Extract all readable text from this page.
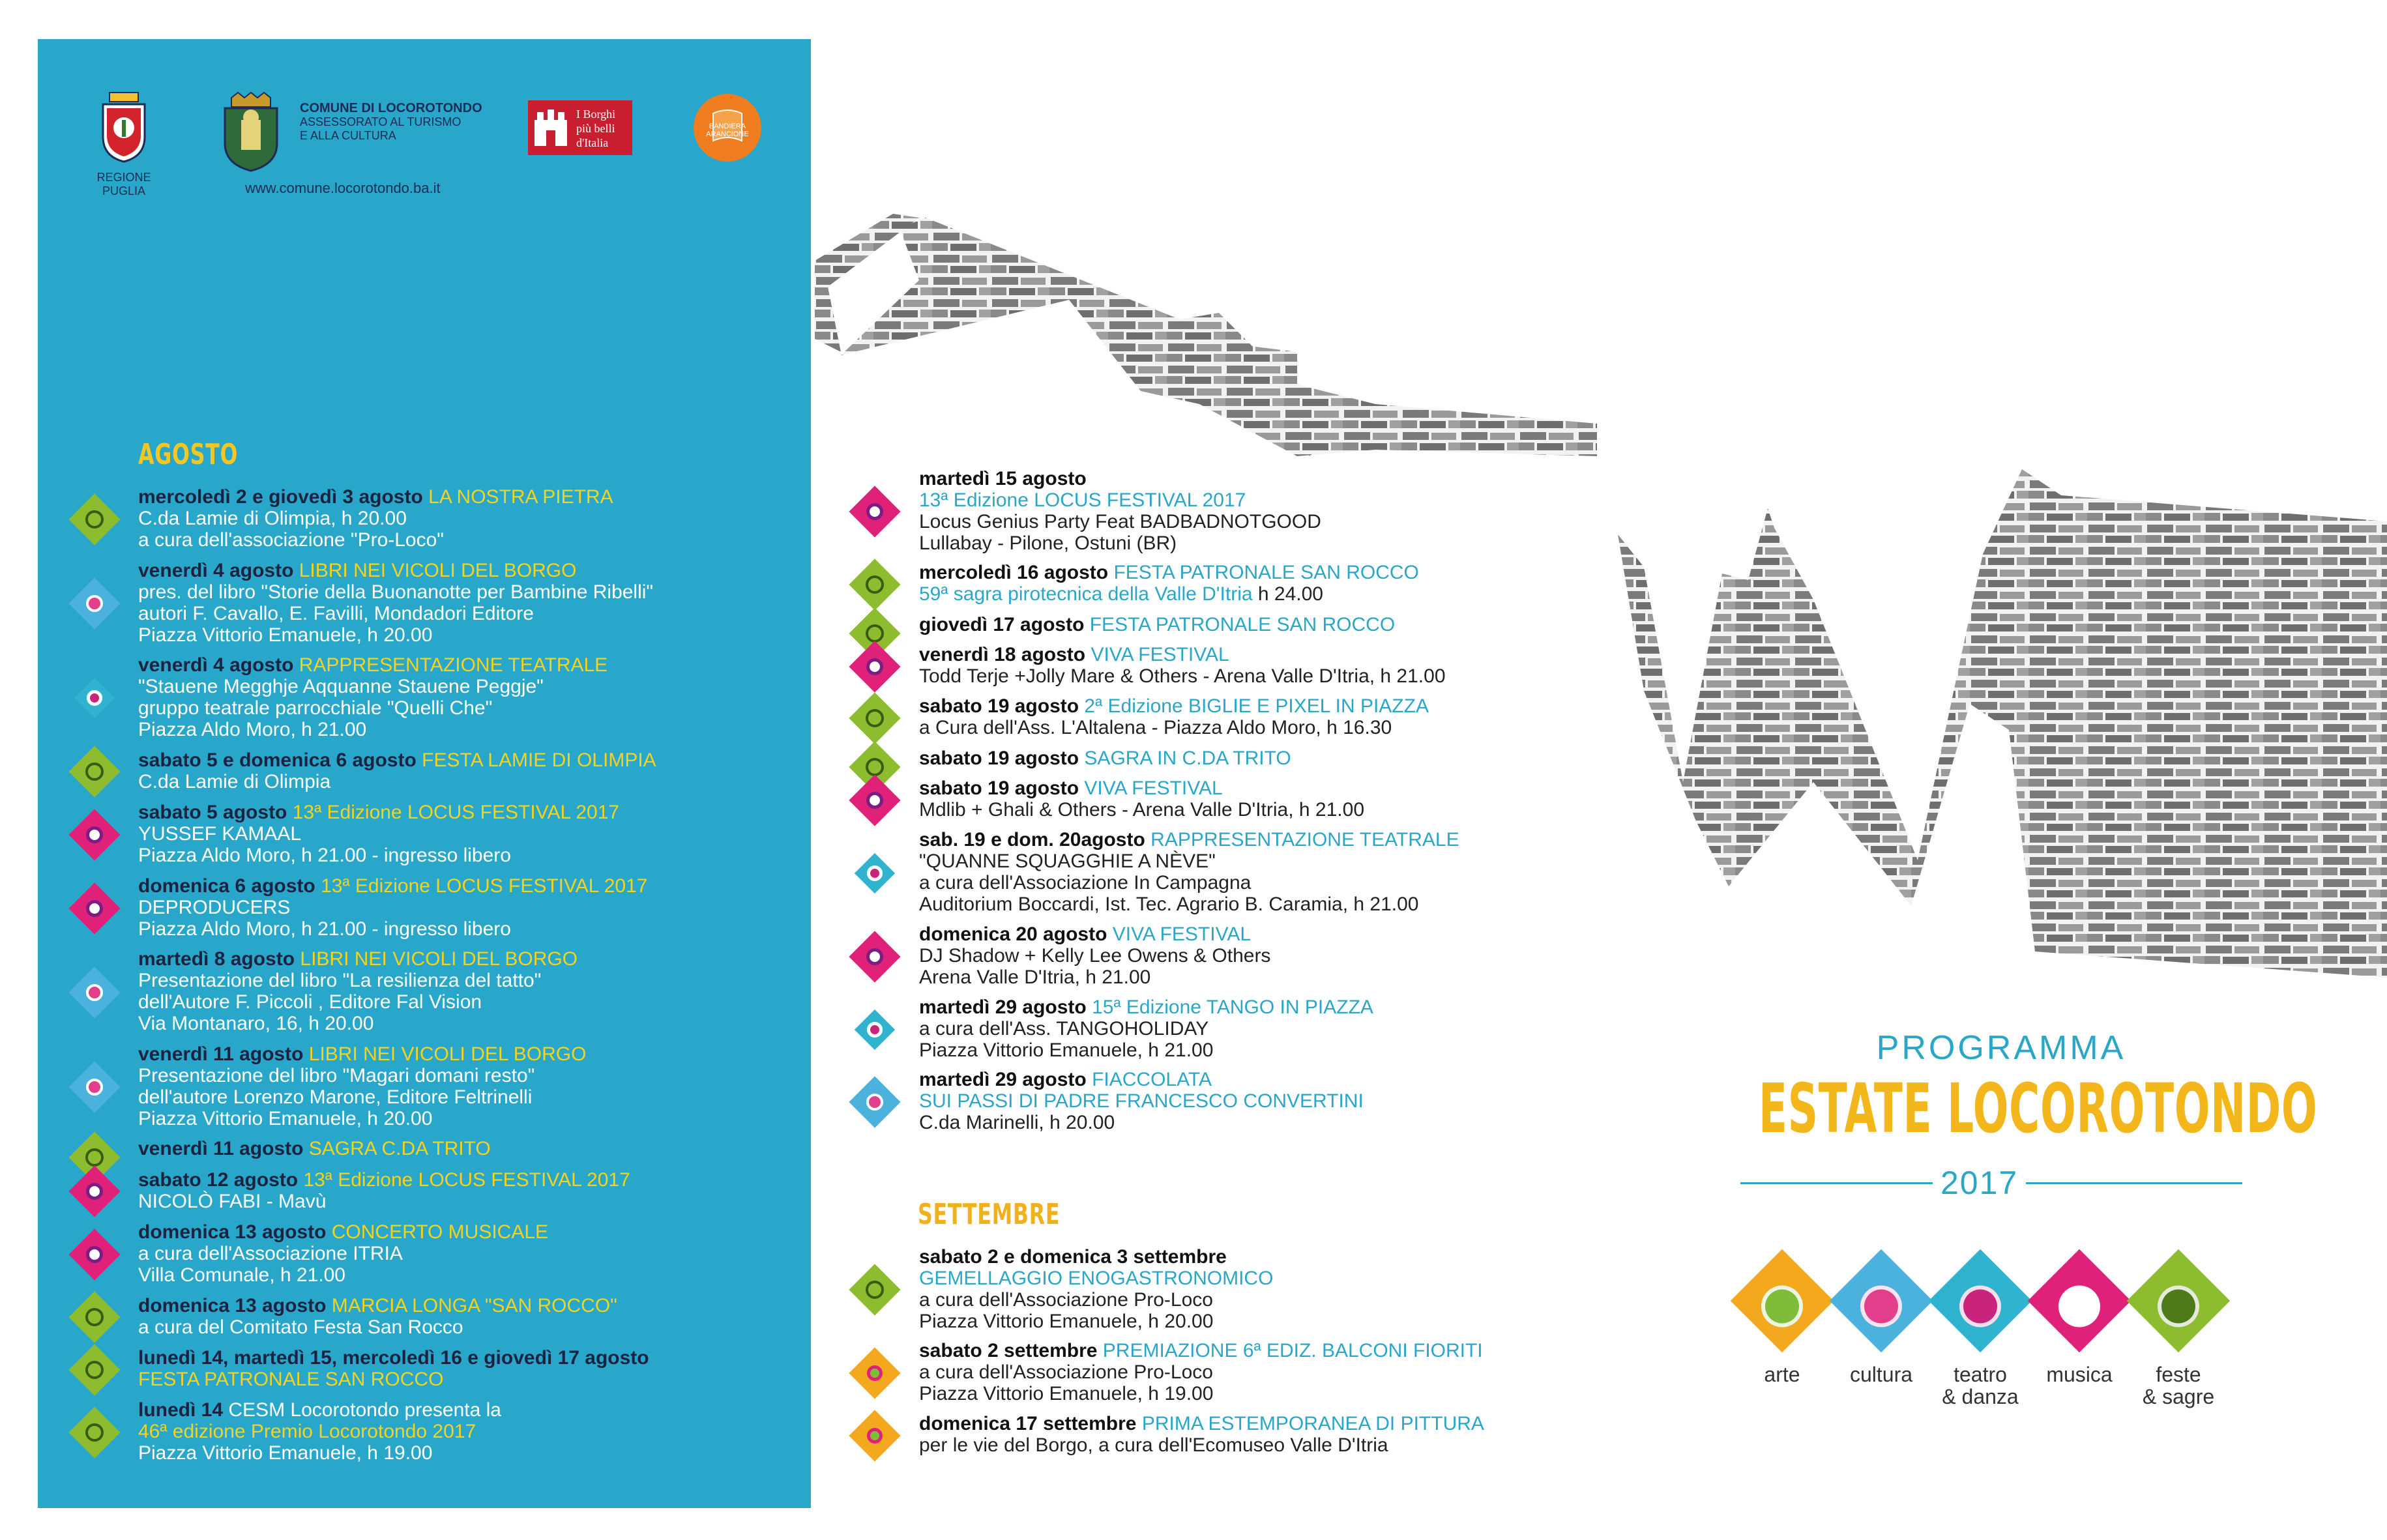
REGIONE
PUGLIA
COMUNE DI LOCOROTONDO
ASSESSORATO AL TURISMO
E ALLA CULTURA
I Borghi
più belli
d'Italia
BANDIERA ARANCIONE
www.comune.locorotondo.ba.it
AGOSTO
mercoledì 2 e giovedì 3 agosto LA NOSTRA PIETRA
C.da Lamie di Olimpia, h 20.00
a cura dell'associazione "Pro-Loco"
venerdì 4 agosto LIBRI NEI VICOLI DEL BORGO
pres. del libro "Storie della Buonanotte per Bambine Ribelli"
autori F. Cavallo, E. Favilli, Mondadori Editore
Piazza Vittorio Emanuele, h 20.00
venerdì 4 agosto RAPPRESENTAZIONE TEATRALE
"Stauene Megghje Aqquanne Stauene Peggje"
gruppo teatrale parrocchiale "Quelli Che"
Piazza Aldo Moro, h 21.00
sabato 5 e domenica 6 agosto FESTA LAMIE DI OLIMPIA
C.da Lamie di Olimpia
sabato 5 agosto 13ª Edizione LOCUS FESTIVAL 2017
YUSSEF KAMAAL
Piazza Aldo Moro, h 21.00 - ingresso libero
domenica 6 agosto 13ª Edizione LOCUS FESTIVAL 2017
DEPRODUCERS
Piazza Aldo Moro, h 21.00 - ingresso libero
martedì 8 agosto LIBRI NEI VICOLI DEL BORGO
Presentazione del libro "La resilienza del tatto"
dell'Autore F. Piccoli , Editore Fal Vision
Via Montanaro, 16, h 20.00
venerdì 11 agosto LIBRI NEI VICOLI DEL BORGO
Presentazione del libro "Magari domani resto"
dell'autore Lorenzo Marone, Editore Feltrinelli
Piazza Vittorio Emanuele, h 20.00
venerdì 11 agosto SAGRA C.DA TRITO
sabato 12 agosto 13ª Edizione LOCUS FESTIVAL 2017
NICOLÒ FABI - Mavù
domenica 13 agosto CONCERTO MUSICALE
a cura dell'Associazione ITRIA
Villa Comunale, h 21.00
domenica 13 agosto MARCIA LONGA "SAN ROCCO"
a cura del Comitato Festa San Rocco
lunedì 14, martedì 15, mercoledì 16 e giovedì 17 agosto
FESTA PATRONALE SAN ROCCO
lunedì 14 CESM Locorotondo presenta la
46ª edizione Premio Locorotondo 2017
Piazza Vittorio Emanuele, h 19.00
martedì 15 agosto
13ª Edizione LOCUS FESTIVAL 2017
Locus Genius Party Feat BADBADNOTGOOD
Lullabay - Pilone, Ostuni (BR)
mercoledì 16 agosto FESTA PATRONALE SAN ROCCO
59ª sagra pirotecnica della Valle D'Itria h 24.00
giovedì 17 agosto FESTA PATRONALE SAN ROCCO
venerdì 18 agosto VIVA FESTIVAL
Todd Terje +Jolly Mare & Others - Arena Valle D'Itria, h 21.00
sabato 19 agosto 2ª Edizione BIGLIE E PIXEL IN PIAZZA
a Cura dell'Ass. L'Altalena - Piazza Aldo Moro, h 16.30
sabato 19 agosto SAGRA IN C.DA TRITO
sabato 19 agosto VIVA FESTIVAL
Mdlib + Ghali & Others - Arena Valle D'Itria, h 21.00
sab. 19 e dom. 20agosto RAPPRESENTAZIONE TEATRALE
"QUANNE SQUAGGHIE A NÈVE"
a cura dell'Associazione In Campagna
Auditorium Boccardi, Ist. Tec. Agrario B. Caramia, h 21.00
domenica 20 agosto VIVA FESTIVAL
DJ Shadow + Kelly Lee Owens & Others
Arena Valle D'Itria, h 21.00
martedì 29 agosto 15ª Edizione TANGO IN PIAZZA
a cura dell'Ass. TANGOHOLIDAY
Piazza Vittorio Emanuele, h 21.00
martedì 29 agosto FIACCOLATA
SUI PASSI DI PADRE FRANCESCO CONVERTINI
C.da Marinelli, h 20.00
SETTEMBRE
sabato 2 e domenica 3 settembre
GEMELLAGGIO ENOGASTRONOMICO
a cura dell'Associazione Pro-Loco
Piazza Vittorio Emanuele, h 20.00
sabato 2 settembre PREMIAZIONE 6ª EDIZ. BALCONI FIORITI
a cura dell'Associazione Pro-Loco
Piazza Vittorio Emanuele, h 19.00
domenica 17 settembre PRIMA ESTEMPORANEA DI PITTURA
per le vie del Borgo, a cura dell'Ecomuseo Valle D'Itria
PROGRAMMA
ESTATE LOCOROTONDO
2017
arte	cultura	teatro
& danza
musica	feste
& sagre
